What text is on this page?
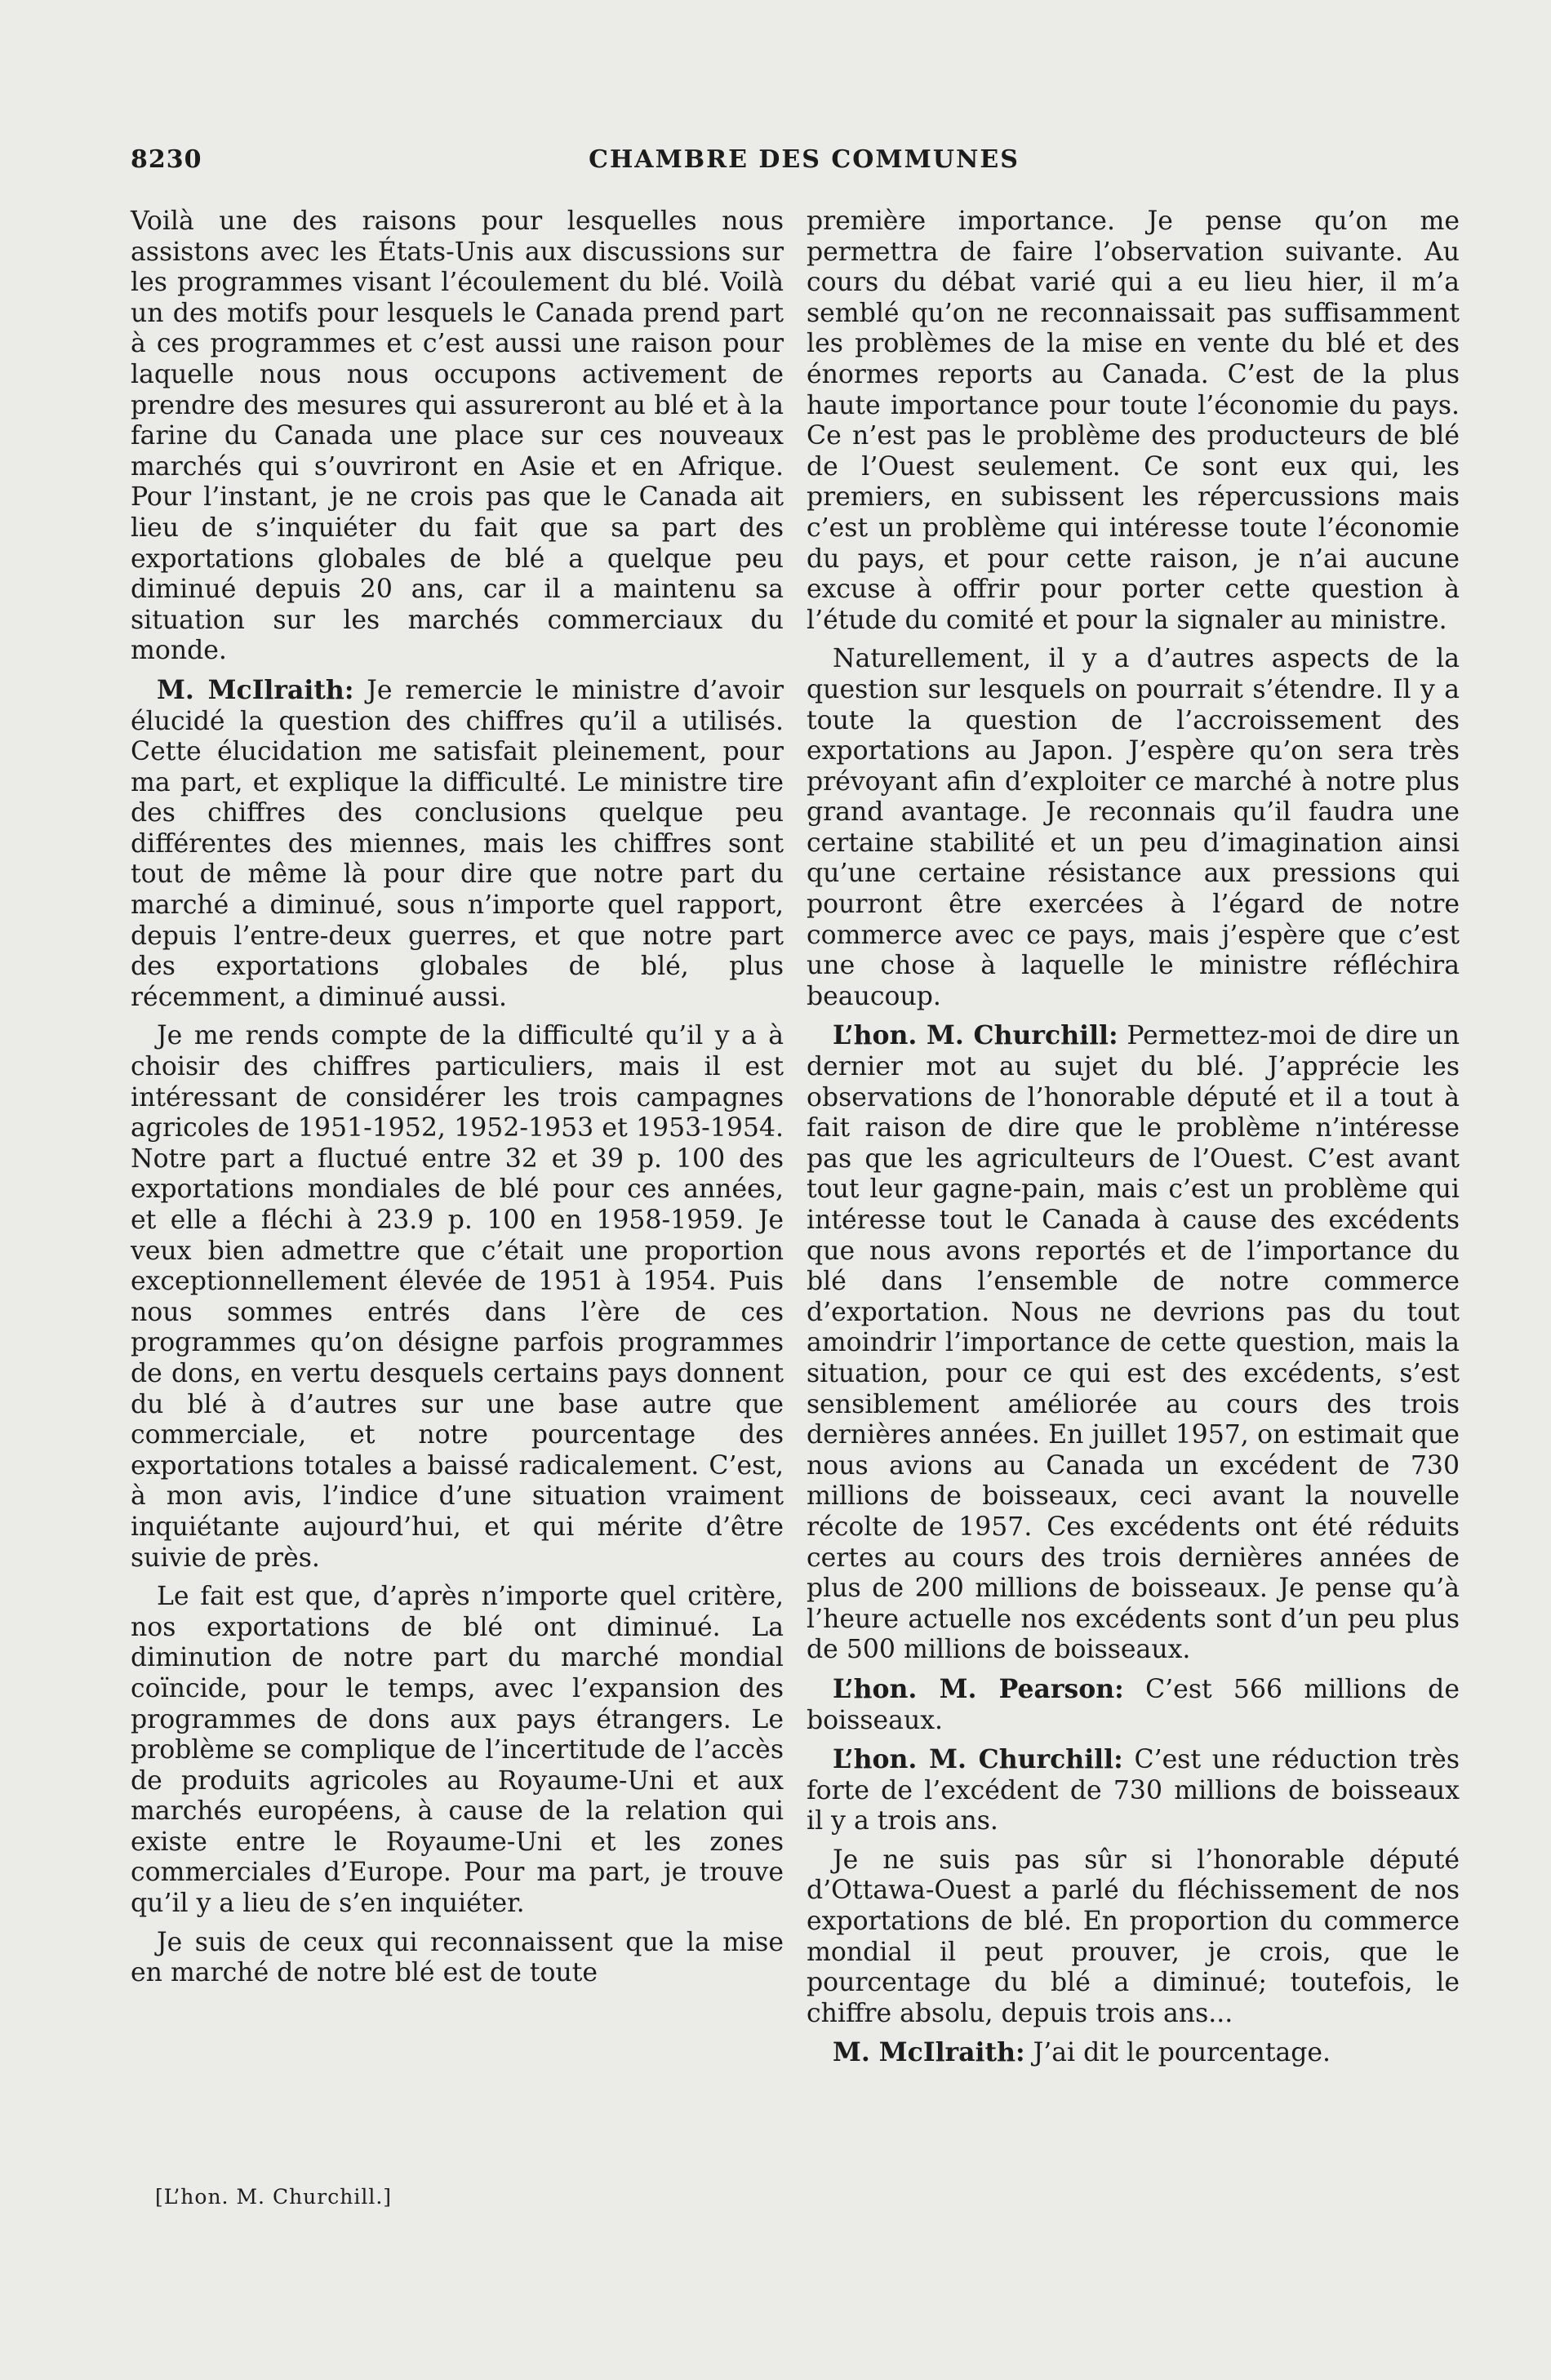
8230	CHAMBRE DES COMMUNES

Voilà une des raisons pour lesquelles nous assistons avec les États-Unis aux discussions sur les programmes visant l’écoulement du blé. Voilà un des motifs pour lesquels le Canada prend part à ces programmes et c’est aussi une raison pour laquelle nous nous occupons activement de prendre des mesures qui assureront au blé et à la farine du Canada une place sur ces nouveaux marchés qui s’ouvriront en Asie et en Afrique. Pour l’instant, je ne crois pas que le Canada ait lieu de s’inquiéter du fait que sa part des exportations globales de blé a quelque peu diminué depuis 20 ans, car il a maintenu sa situation sur les marchés commerciaux du monde.

M. McIlraith: Je remercie le ministre d’avoir élucidé la question des chiffres qu’il a utilisés. Cette élucidation me satisfait pleinement, pour ma part, et explique la difficulté. Le ministre tire des chiffres des conclusions quelque peu différentes des miennes, mais les chiffres sont tout de même là pour dire que notre part du marché a diminué, sous n’importe quel rapport, depuis l’entre-deux guerres, et que notre part des exportations globales de blé, plus récemment, a diminué aussi.

Je me rends compte de la difficulté qu’il y a à choisir des chiffres particuliers, mais il est intéressant de considérer les trois campagnes agricoles de 1951-1952, 1952-1953 et 1953-1954. Notre part a fluctué entre 32 et 39 p. 100 des exportations mondiales de blé pour ces années, et elle a fléchi à 23.9 p. 100 en 1958-1959. Je veux bien admettre que c’était une proportion exceptionnellement élevée de 1951 à 1954. Puis nous sommes entrés dans l’ère de ces programmes qu’on désigne parfois programmes de dons, en vertu desquels certains pays donnent du blé à d’autres sur une base autre que commerciale, et notre pourcentage des exportations totales a baissé radicalement. C’est, à mon avis, l’indice d’une situation vraiment inquiétante aujourd’hui, et qui mérite d’être suivie de près.

Le fait est que, d’après n’importe quel critère, nos exportations de blé ont diminué. La diminution de notre part du marché mondial coïncide, pour le temps, avec l’expansion des programmes de dons aux pays étrangers. Le problème se complique de l’incertitude de l’accès de produits agricoles au Royaume-Uni et aux marchés européens, à cause de la relation qui existe entre le Royaume-Uni et les zones commerciales d’Europe. Pour ma part, je trouve qu’il y a lieu de s’en inquiéter.

Je suis de ceux qui reconnaissent que la mise en marché de notre blé est de toute

première importance. Je pense qu’on me permettra de faire l’observation suivante. Au cours du débat varié qui a eu lieu hier, il m’a semblé qu’on ne reconnaissait pas suffisamment les problèmes de la mise en vente du blé et des énormes reports au Canada. C’est de la plus haute importance pour toute l’économie du pays. Ce n’est pas le problème des producteurs de blé de l’Ouest seulement. Ce sont eux qui, les premiers, en subissent les répercussions mais c’est un problème qui intéresse toute l’économie du pays, et pour cette raison, je n’ai aucune excuse à offrir pour porter cette question à l’étude du comité et pour la signaler au ministre.

Naturellement, il y a d’autres aspects de la question sur lesquels on pourrait s’étendre. Il y a toute la question de l’accroissement des exportations au Japon. J’espère qu’on sera très prévoyant afin d’exploiter ce marché à notre plus grand avantage. Je reconnais qu’il faudra une certaine stabilité et un peu d’imagination ainsi qu’une certaine résistance aux pressions qui pourront être exercées à l’égard de notre commerce avec ce pays, mais j’espère que c’est une chose à laquelle le ministre réfléchira beaucoup.

L’hon. M. Churchill: Permettez-moi de dire un dernier mot au sujet du blé. J’apprécie les observations de l’honorable député et il a tout à fait raison de dire que le problème n’intéresse pas que les agriculteurs de l’Ouest. C’est avant tout leur gagne-pain, mais c’est un problème qui intéresse tout le Canada à cause des excédents que nous avons reportés et de l’importance du blé dans l’ensemble de notre commerce d’exportation. Nous ne devrions pas du tout amoindrir l’importance de cette question, mais la situation, pour ce qui est des excédents, s’est sensiblement améliorée au cours des trois dernières années. En juillet 1957, on estimait que nous avions au Canada un excédent de 730 millions de boisseaux, ceci avant la nouvelle récolte de 1957. Ces excédents ont été réduits certes au cours des trois dernières années de plus de 200 millions de boisseaux. Je pense qu’à l’heure actuelle nos excédents sont d’un peu plus de 500 millions de boisseaux.

L’hon. M. Pearson: C’est 566 millions de boisseaux.

L’hon. M. Churchill: C’est une réduction très forte de l’excédent de 730 millions de boisseaux il y a trois ans.

Je ne suis pas sûr si l’honorable député d’Ottawa-Ouest a parlé du fléchissement de nos exportations de blé. En proportion du commerce mondial il peut prouver, je crois, que le pourcentage du blé a diminué; toutefois, le chiffre absolu, depuis trois ans...

M. McIlraith: J’ai dit le pourcentage.

[L’hon. M. Churchill.]
